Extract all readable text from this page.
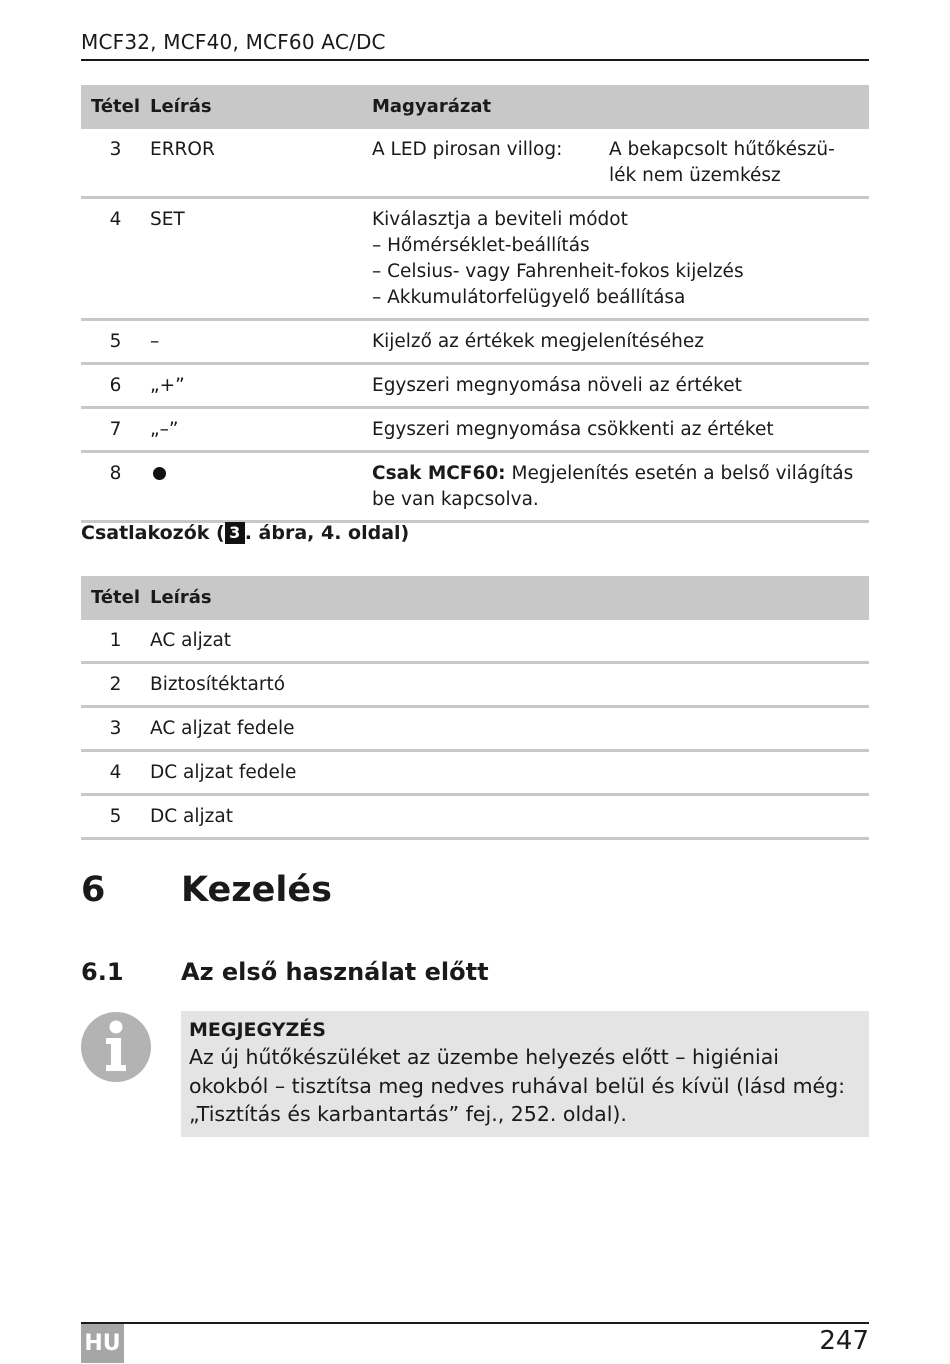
MCF32, MCF40, MCF60 AC/DC
Tétel	Leírás	Magyarázat	
3	ERROR	A LED pirosan villog:	A bekapcsolt hűtőkészü-lék nem üzemkész
4	SET	Kiválasztja a beviteli módot
– Hőmérséklet-beállítás
– Celsius- vagy Fahrenheit-fokos kijelzés
– Akkumulátorfelügyelő beállítása	

5	–	Kijelző az értékek megjelenítéséhez	
6	„+”	Egyszeri megnyomása növeli az értéket	
7	„–”	Egyszeri megnyomása csökkenti az értéket	
8		Csak MCF60: Megjelenítés esetén a belső világítás be van kapcsolva.	
Csatlakozók ( 3 . ábra, 4. oldal)
Tétel	Leírás
1	AC aljzat
2	Biztosítéktartó
3	AC aljzat fedele
4	DC aljzat fedele
5	DC aljzat
6 Kezelés
6.1 Az első használat előtt
MEGJEGYZÉS
Az új hűtőkészüléket az üzembe helyezés előtt – higiéniai okokból – tisztítsa meg nedves ruhával belül és kívül (lásd még: „Tisztítás és karbantartás” fej., 252. oldal).
HU	247
